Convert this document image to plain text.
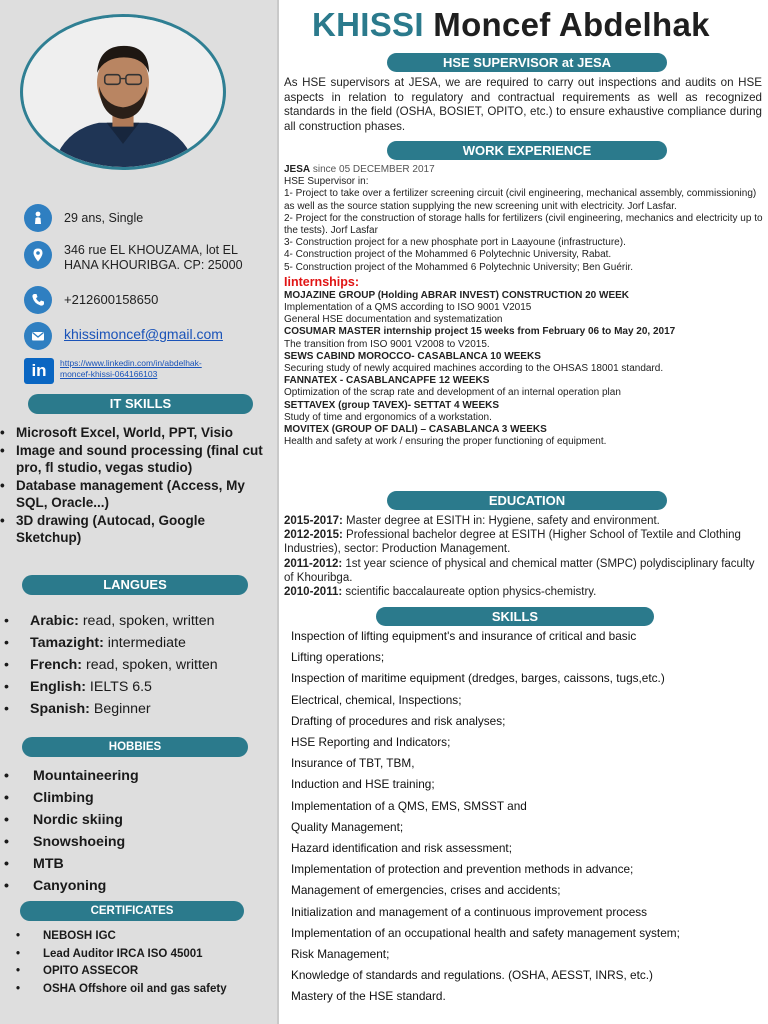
29 ans, Single
346 rue EL KHOUZAMA, lot EL
HANA KHOURIBGA. CP: 25000
+212600158650
khissimoncef@gmail.com
in	https://www.linkedin.com/in/abdelhak-
moncef-khissi-064166103
IT SKILLS
• Microsoft Excel, World, PPT, Visio
• Image and sound processing (final cut pro, fl studio, vegas studio)
• Database management (Access, My SQL, Oracle...)
• 3D drawing (Autocad, Google Sketchup)
LANGUES
• Arabic: read, spoken, written
• Tamazight: intermediate
• French: read, spoken, written
• English: IELTS 6.5
• Spanish: Beginner
HOBBIES
• Mountaineering
• Climbing
• Nordic skiing
• Snowshoeing
• MTB
• Canyoning
CERTIFICATES
• NEBOSH IGC
• Lead Auditor IRCA ISO 45001
• OPITO ASSECOR
• OSHA Offshore oil and gas safety
KHISSI Moncef Abdelhak
HSE SUPERVISOR at JESA
As HSE supervisors at JESA, we are required to carry out inspections and audits on HSE aspects in relation to regulatory and contractual requirements as well as recognized standards in the field (OSHA, BOSIET, OPITO, etc.) to ensure exhaustive compliance during all construction phases.
WORK EXPERIENCE
JESA since 05 DECEMBER 2017
HSE Supervisor in:
1- Project to take over a fertilizer screening circuit (civil engineering, mechanical assembly, commissioning) as well as the source station supplying the new screening unit with electricity. Jorf Lasfar.
2- Project for the construction of storage halls for fertilizers (civil engineering, mechanics and electricity up to the tests). Jorf Lasfar
3- Construction project for a new phosphate port in Laayoune (infrastructure).
4- Construction project of the Mohammed 6 Polytechnic University, Rabat.
5- Construction project of the Mohammed 6 Polytechnic University; Ben Guérir.
Iinternships:
MOJAZINE GROUP (Holding ABRAR INVEST) CONSTRUCTION 20 WEEK
Implementation of a QMS according to ISO 9001 V2015
General HSE documentation and systematization
COSUMAR MASTER internship project 15 weeks from February 06 to May 20, 2017
The transition from ISO 9001 V2008 to V2015.
SEWS CABIND MOROCCO- CASABLANCA 10 WEEKS
Securing study of newly acquired machines according to the OHSAS 18001 standard.
FANNATEX - CASABLANCAPFE 12 WEEKS
Optimization of the scrap rate and development of an internal operation plan
SETTAVEX (group TAVEX)- SETTAT 4 WEEKS
Study of time and ergonomics of a workstation.
MOVITEX (GROUP OF DALI) – CASABLANCA 3 WEEKS
Health and safety at work / ensuring the proper functioning of equipment.
EDUCATION
2015-2017: Master degree at ESITH in: Hygiene, safety and environment.
2012-2015: Professional bachelor degree at ESITH (Higher School of Textile and Clothing Industries), sector: Production Management.
2011-2012: 1st year science of physical and chemical matter (SMPC) polydisciplinary faculty of Khouribga.
2010-2011: scientific baccalaureate option physics-chemistry.
SKILLS
Inspection of lifting equipment's and insurance of critical and basic
Lifting operations;
Inspection of maritime equipment (dredges, barges, caissons, tugs,etc.)
Electrical, chemical, Inspections;
Drafting of procedures and risk analyses;
HSE Reporting and Indicators;
Insurance of TBT, TBM,
Induction and HSE training;
Implementation of a QMS, EMS, SMSST and
Quality Management;
Hazard identification and risk assessment;
Implementation of protection and prevention methods in advance;
Management of emergencies, crises and accidents;
Initialization and management of a continuous improvement process
Implementation of an occupational health and safety management system;
Risk Management;
Knowledge of standards and regulations. (OSHA, AESST, INRS, etc.)
Mastery of the HSE standard.
